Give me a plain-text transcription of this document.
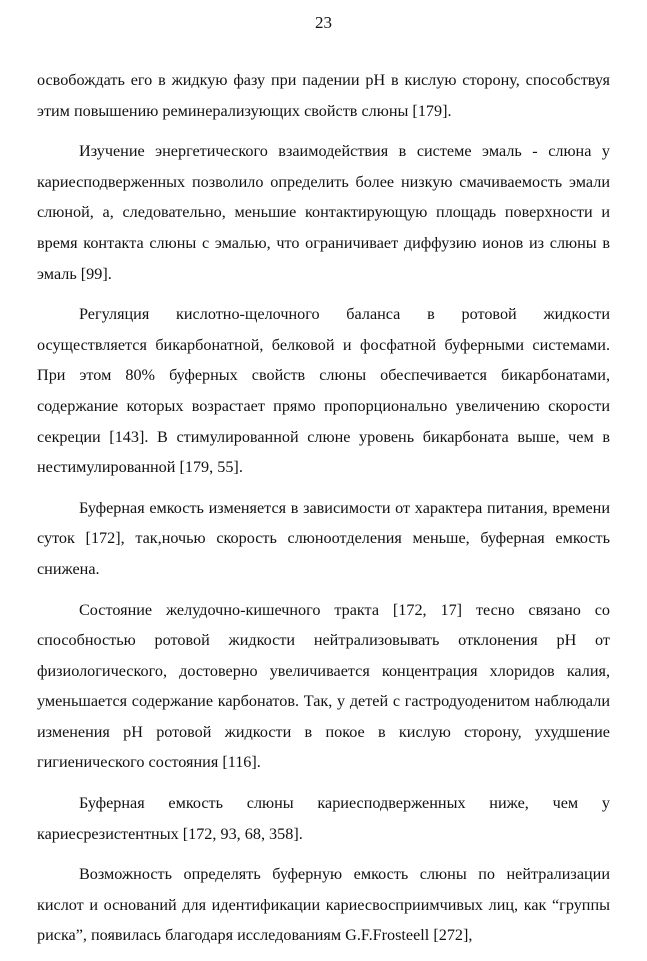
23

освобождать его в жидкую фазу при падении pH в кислую сторону, способствуя этим повышению реминерализующих свойств слюны [179].

Изучение энергетического взаимодействия в системе эмаль - слюна у кариесподверженных позволило определить более низкую смачиваемость эмали слюной, а, следовательно, меньшие контактирующую площадь поверхности и время контакта слюны с эмалью, что ограничивает диффузию ионов из слюны в эмаль [99].

Регуляция кислотно-щелочного баланса в ротовой жидкости осуществляется бикарбонатной, белковой и фосфатной буферными системами. При этом 80% буферных свойств слюны обеспечивается бикарбонатами, содержание которых возрастает прямо пропорционально увеличению скорости секреции [143]. В стимулированной слюне уровень бикарбоната выше, чем в нестимулированной [179, 55].

Буферная емкость изменяется в зависимости от характера питания, времени суток [172], так,ночью скорость слюноотделения меньше, буферная емкость снижена.

Состояние желудочно-кишечного тракта [172, 17] тесно связано со способностью ротовой жидкости нейтрализовывать отклонения pH от физиологического, достоверно увеличивается концентрация хлоридов калия, уменьшается содержание карбонатов. Так, у детей с гастродуоденитом наблюдали изменения pH ротовой жидкости в покое в кислую сторону, ухудшение гигиенического состояния [116].

Буферная емкость слюны кариесподверженных ниже, чем у кариесрезистентных [172, 93, 68, 358].

Возможность определять буферную емкость слюны по нейтрализации кислот и оснований для идентификации кариесвосприимчивых лиц, как “группы риска”, появилась благодаря исследованиям G.F.Frosteell [272],
